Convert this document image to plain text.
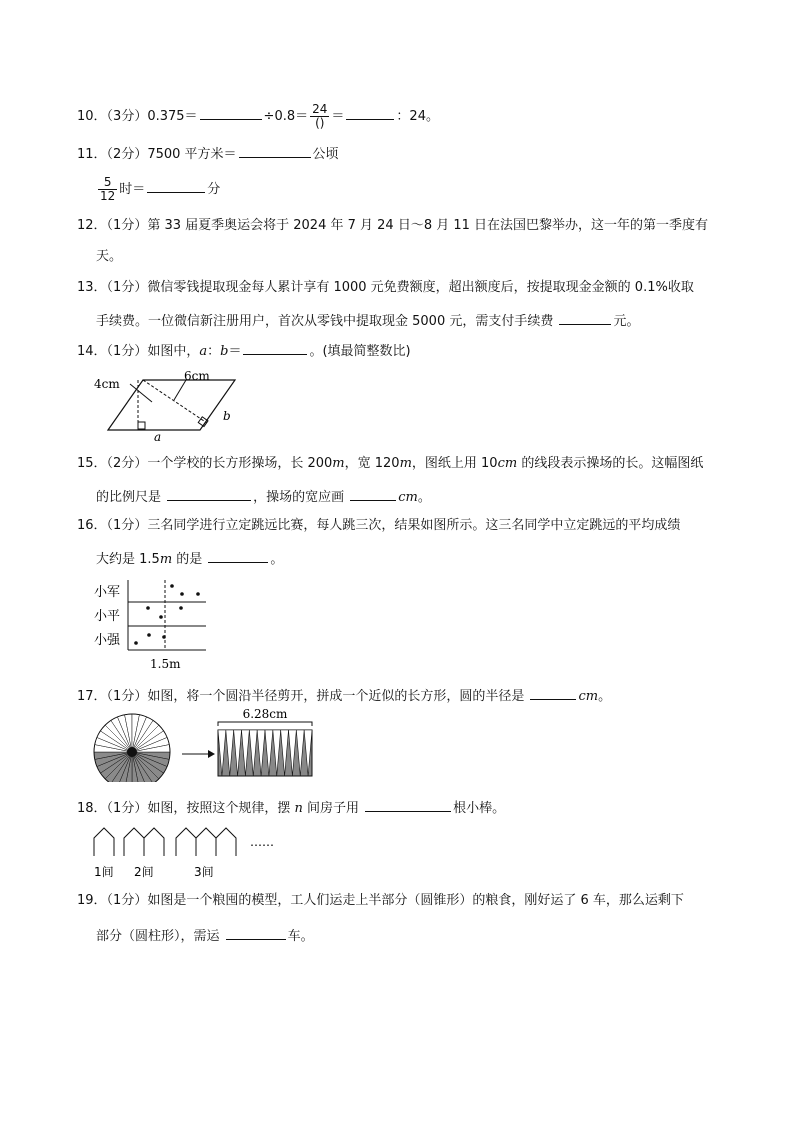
10．（3分）0.375＝	$\div 0.8= \frac{24}{()}$ ＝	：24。
11．（2分）7500 平方米＝	公顷
$\frac{5}{12}$ 时＝	分
12．（1分）第 33 届夏季奥运会将于 2024 年 7 月 24 日～8 月 11 日在法国巴黎举办，这一年的第一季度有
天。
13．（1分）微信零钱提取现金每人累计享有 1000 元免费额度，超出额度后，按提取现金金额的 0.1%收取
手续费。一位微信新注册用户，首次从零钱中提取现金 5000 元，需支付手续费	元。
14．（1分）如图中，a：b＝	。(填最简整数比)
4cm
6cm
a
b
15．（2分）一个学校的长方形操场，长 200m，宽 120m，图纸上用 10cm 的线段表示操场的长。这幅图纸
的比例尺是	，操场的宽应画	cm。
16．（1分）三名同学进行立定跳远比赛，每人跳三次，结果如图所示。这三名同学中立定跳远的平均成绩
大约是 1.5m 的是	。
小军
小平
小强
1.5m
17．（1分）如图，将一个圆沿半径剪开，拼成一个近似的长方形，圆的半径是	cm。
6.28cm
18．（1分）如图，按照这个规律，摆 n 间房子用	根小棒。
……
1间 2间	3间
19．（1分）如图是一个粮囤的模型，工人们运走上半部分（圆锥形）的粮食，刚好运了 6 车，那么运剩下
部分（圆柱形），需运	车。
